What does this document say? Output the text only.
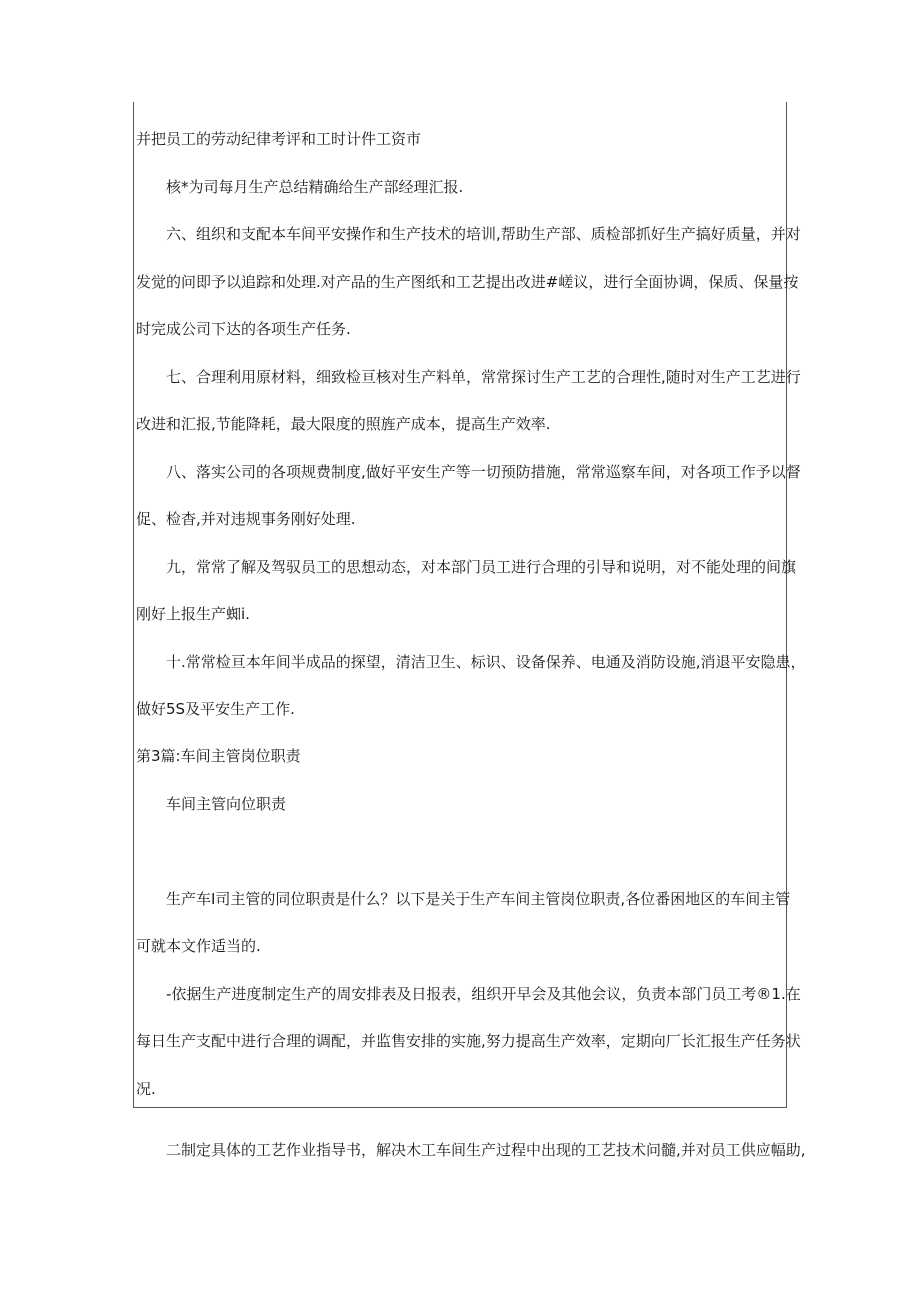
并把员工的劳动纪律考评和工时计件工资市
核*为司每月生产总结精确给生产部经理汇报.
六、组织和支配本车间平安操作和生产技术的培训,帮助生产部、质检部抓好生产搞好质量，并对
发觉的问即予以追踪和处理.对产品的生产图纸和工艺提出改进#嵯议，进行全面协调，保质、保量按
时完成公司下达的各项生产任务.
七、合理利用原材料，细致检亘核对生产料单，常常探讨生产工艺的合理性,随时对生产工艺进行
改进和汇报,节能降耗，最大限度的照旌产成本，提高生产效率.
八、落实公司的各项规费制度,做好平安生产等一切预防措施，常常巡察车间，对各项工作予以督
促、检杳,并对违规事务刚好处理.
九，常常了解及驾驭员工的思想动态，对本部门员工进行合理的引导和说明，对不能处理的间旗
刚好上报生产蜘i.
十.常常检亘本年间半成品的探望，清洁卫生、标识、设备保养、电通及消防设施,消退平安隐患，
做好5S及平安生产工作.
第3篇:车间主管岗位职责
车间主管向位职责
生产车I司主管的同位职责是什么？以下是关于生产车间主管岗位职责,各位番困地区的车间主管
可就本文作适当的.
-依据生产进度制定生产的周安排表及日报表，组织开早会及其他会议，负责本部门员工考®1.在
每日生产支配中进行合理的调配，并监售安排的实施,努力提高生产效率，定期向厂长汇报生产任务状
况.
二制定具体的工艺作业指导书，解决木工车间生产过程中出现的工艺技术问髓,并对员工供应幅助,
